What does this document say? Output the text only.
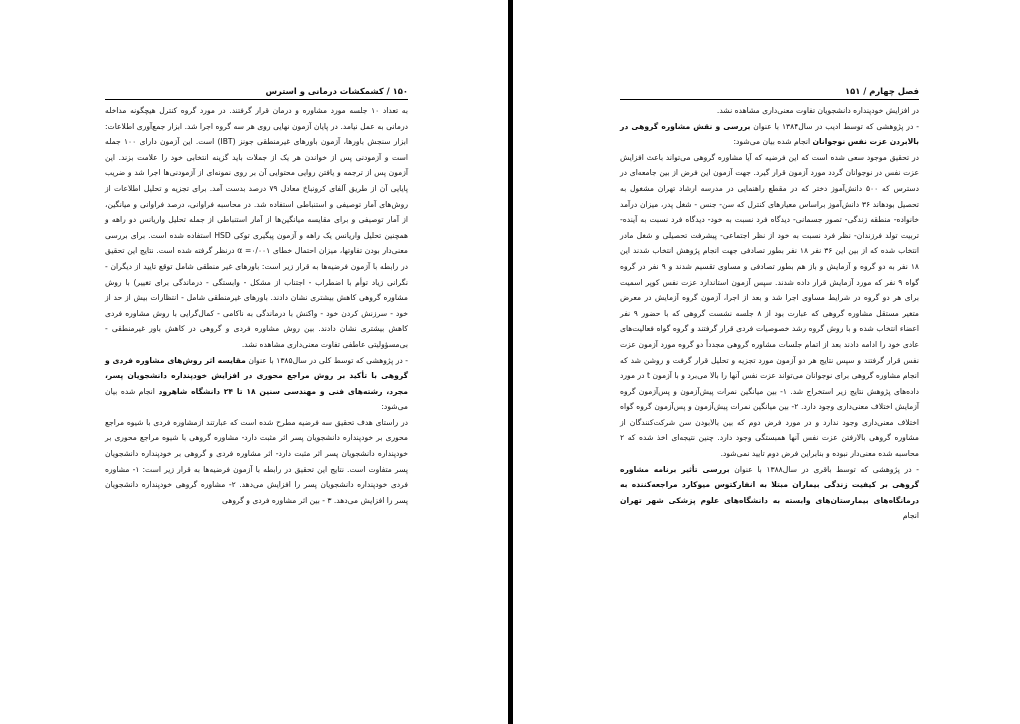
۱۵۰ / کشمکشات درمانی و استرس

به تعداد ۱۰ جلسه مورد مشاوره و درمان قرار گرفتند. در مورد گروه کنترل هیچگونه مداخله درمانی به عمل نیامد. در پایان آزمون نهایی روی هر سه گروه اجرا شد. ابزار جمع‌آوری اطلاعات: ابزار سنجش باورها، آزمون باورهای غیرمنطقی جونز (IBT) است. این آزمون دارای ۱۰۰ جمله است و آزمودنی پس از خواندن هر یک از جملات باید گزینه انتخابی خود را علامت بزند. این آزمون پس از ترجمه و یافتن روایی محتوایی آن بر روی نمونه‌ای از آزمودنی‌ها اجرا شد و ضریب پایایی آن از طریق آلفای کرونباخ معادل ۷۹ درصد بدست آمد. برای تجزیه و تحلیل اطلاعات از روش‌های آمار توصیفی و استنباطی استفاده شد. در محاسبه فراوانی، درصد فراوانی و میانگین، از آمار توصیفی و برای مقایسه میانگین‌ها از آمار استنباطی از جمله تحلیل واریانس دو راهه و همچنین تحلیل واریانس یک راهه و آزمون پیگیری توکی HSD استفاده شده است. برای بررسی معنی‌دار بودن تفاوتها، میزان احتمال خطای ۰/۰۰۱= α درنظر گرفته شده است. نتایج این تحقیق در رابطه با آزمون فرضیه‌ها به قرار زیر است: باورهای غیر منطقی شامل توقع تایید از دیگران - نگرانی زیاد توأم با اضطراب - اجتناب از مشکل - وابستگی - درماندگی برای تغییر) با روش مشاوره گروهی کاهش بیشتری نشان دادند. باورهای غیرمنطقی شامل - انتظارات بیش از حد از خود - سرزنش کردن خود - واکنش با درماندگی به ناکامی - کمال‌گرایی با روش مشاوره فردی کاهش بیشتری نشان دادند. بین روش مشاوره فردی و گروهی در کاهش باور غیرمنطقی - بی‌مسؤولیتی عاطفی تفاوت معنی‌داری مشاهده نشد.

- در پژوهشی که توسط کلی در سال۱۳۸۵ با عنوان مقایسه اثر روش‌های مشاوره فردی و گروهی با تأکید بر روش مراجع محوری در افزایش خودپنداره دانشجویان پسر، مجرد، رشته‌های فنی و مهندسی سنین ۱۸ تا ۲۴ دانشگاه شاهرود انجام شده بیان می‌شود:

در راستای هدف تحقیق سه فرضیه مطرح شده است که عبارتند ازمشاوره فردی با شیوه مراجع محوری بر خودپنداره دانشجویان پسر اثر مثبت دارد- مشاوره گروهی با شیوه مراجع محوری بر خودپنداره دانشجویان پسر اثر مثبت دارد- اثر مشاوره فردی و گروهی بر خودپنداره دانشجویان پسر متفاوت است. نتایج این تحقیق در رابطه با آزمون فرضیه‌ها به قرار زیر است: ۱- مشاوره فردی خودپنداره دانشجویان پسر را افزایش می‌دهد. ۲- مشاوره گروهی خودپنداره دانشجویان پسر را افزایش می‌دهد. ۳ - بین اثر مشاوره فردی و گروهی

فصل چهارم / ۱۵۱

در افزایش خودپنداره دانشجویان تفاوت معنی‌داری مشاهده نشد.

- در پژوهشی که توسط ادیب در سال۱۳۸۴ با عنوان بررسی و نقش مشاوره گروهی در بالابردن عزت نفس نوجوانان انجام شده بیان می‌شود:

در تحقیق موجود سعی شده است که این فرضیه که آیا مشاوره گروهی می‌تواند باعث افزایش عزت نفس در نوجوانان گردد مورد آزمون قرار گیرد. جهت آزمون این فرض از بین جامعه‌ای در دسترس که ۵۰۰ دانش‌آموز دختر که در مقطع راهنمایی در مدرسه ارشاد تهران مشغول به تحصیل بودهاند ۳۶ دانش‌آموز براساس معیارهای کنترل که سن- جنس - شغل پدر، میزان درآمد خانواده- منطقه زندگی- تصور جسمانی- دیدگاه فرد نسبت به خود- دیدگاه فرد نسبت به آینده- تربیت تولد فرزندان- نظر فرد نسبت به خود از نظر اجتماعی- پیشرفت تحصیلی و شغل مادر انتخاب شده که از بین این ۳۶ نفر ۱۸ نفر بطور تصادفی جهت انجام پژوهش انتخاب شدند این ۱۸ نفر به دو گروه و آزمایش و باز هم بطور تصادفی و مساوی تقسیم شدند و ۹ نفر در گروه گواه ۹ نفر که مورد آزمایش قرار داده شدند. سپس آزمون استاندارد عزت نفس کوپر اسمیت برای هر دو گروه در شرایط مساوی اجرا شد و بعد از اجرا، آزمون گروه آزمایش در معرض متغیر مستقل مشاوره گروهی که عبارت بود از ۸ جلسه نشست گروهی که با حضور ۹ نفر اعضاء انتخاب شده و با روش گروه رشد خصوصیات فردی قرار گرفتند و گروه گواه فعالیت‌های عادی خود را ادامه دادند بعد از اتمام جلسات مشاوره گروهی مجدداً دو گروه مورد آزمون عزت نفس قرار گرفتند و سپس نتایج هر دو آزمون مورد تجزیه و تحلیل قرار گرفت و روشن شد که انجام مشاوره گروهی برای نوجوانان می‌تواند عزت نفس آنها را بالا می‌برد و با آزمون t در مورد داده‌های پژوهش نتایج زیر استخراج شد. ۱- بین میانگین نمرات پیش‌آزمون و پس‌آزمون گروه آزمایش اختلاف معنی‌داری وجود دارد. ۲- بین میانگین نمرات پیش‌آزمون و پس‌آزمون گروه گواه اختلاف معنی‌داری وجود ندارد و در مورد فرض دوم که بین بالابودن سن شرکت‌کنندگان از مشاوره گروهی بالارفتن عزت نفس آنها همبستگی وجود دارد. چنین نتیجه‌ای اخذ شده که ۲ محاسبه شده معنی‌دار نبوده و بنابراین فرض دوم تایید نمی‌شود.

- در پژوهشی که توسط باقری در سال۱۳۸۸ با عنوان بررسی تأثیر برنامه مشاوره گروهی بر کیفیت زندگی بیماران مبتلا به انفارکتوس میوکارد مراجعه‌کننده به درمانگاه‌های بیمارستان‌های وابسته به دانشگاه‌های علوم پزشکی شهر تهران انجام
